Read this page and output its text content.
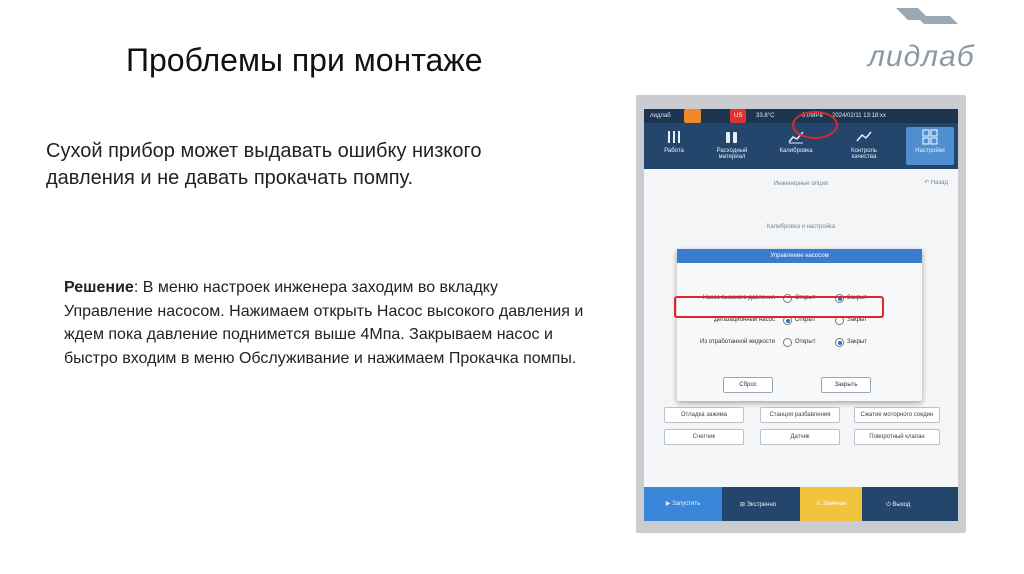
Проблемы при монтаже	лидлаб
Сухой прибор может выдавать ошибку низкого давления и не давать прокачать помпу.
Решение: В меню настроек инженера заходим во вкладку Управление насосом. Нажимаем открыть Насос высокого давления и ждем пока давление поднимется выше 4Мпа. Закрываем насос и быстро входим в меню Обслуживание и нажимаем Прокачка помпы.
лидлаб
	US	33.8°C	0.0MPa 2024/02/11 13:18:xx
Работа	Расходный материал
Калибровка	Контроль качества
Настройки
Инженерные опции	↶ Назад
Калибровка и настройка
Отладка зажима	Станция разбавления	Сжатие моторного соедин
Счетчик	Датчик	Поворотный клапан
Управление насосом
Насос высокого давления	Открыт	Закрыт
Дегазационный насос	Открыт	Закрыт
Из отработанной жидкости	Открыт	Закрыт
Сброс	Закрыть
▶ Запустить	⊞ Экстренно	⚠ Замечан	⏻ Выход
